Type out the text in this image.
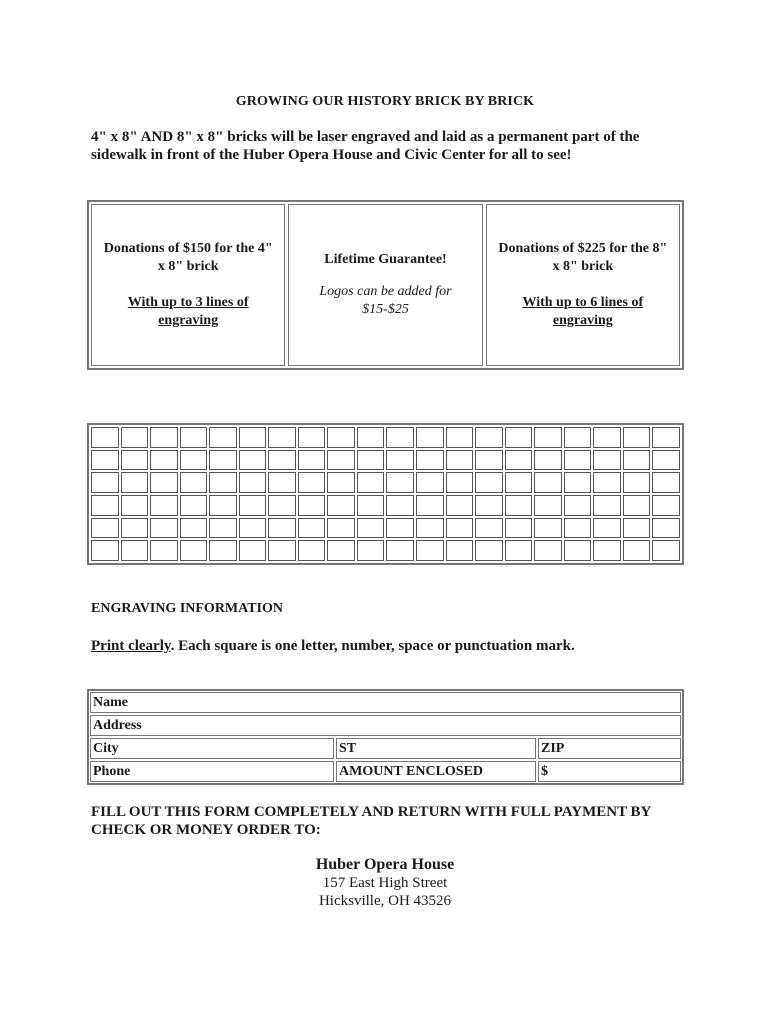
GROWING OUR HISTORY BRICK BY BRICK
4" x 8" AND 8" x 8" bricks will be laser engraved and laid as a permanent part of the sidewalk in front of the Huber Opera House and Civic Center for all to see!
Donations of $150 for the 4" x 8" brick
With up to 3 lines of engraving
Lifetime Guarantee!
Logos can be added for $15-$25
Donations of $225 for the 8" x 8" brick
With up to 6 lines of engraving
ENGRAVING INFORMATION
Print clearly. Each square is one letter, number, space or punctuation mark.
Name
Address
City	ST	ZIP
Phone	AMOUNT ENCLOSED	$
FILL OUT THIS FORM COMPLETELY AND RETURN WITH FULL PAYMENT BY CHECK OR MONEY ORDER TO:
Huber Opera House
157 East High Street
Hicksville, OH 43526
